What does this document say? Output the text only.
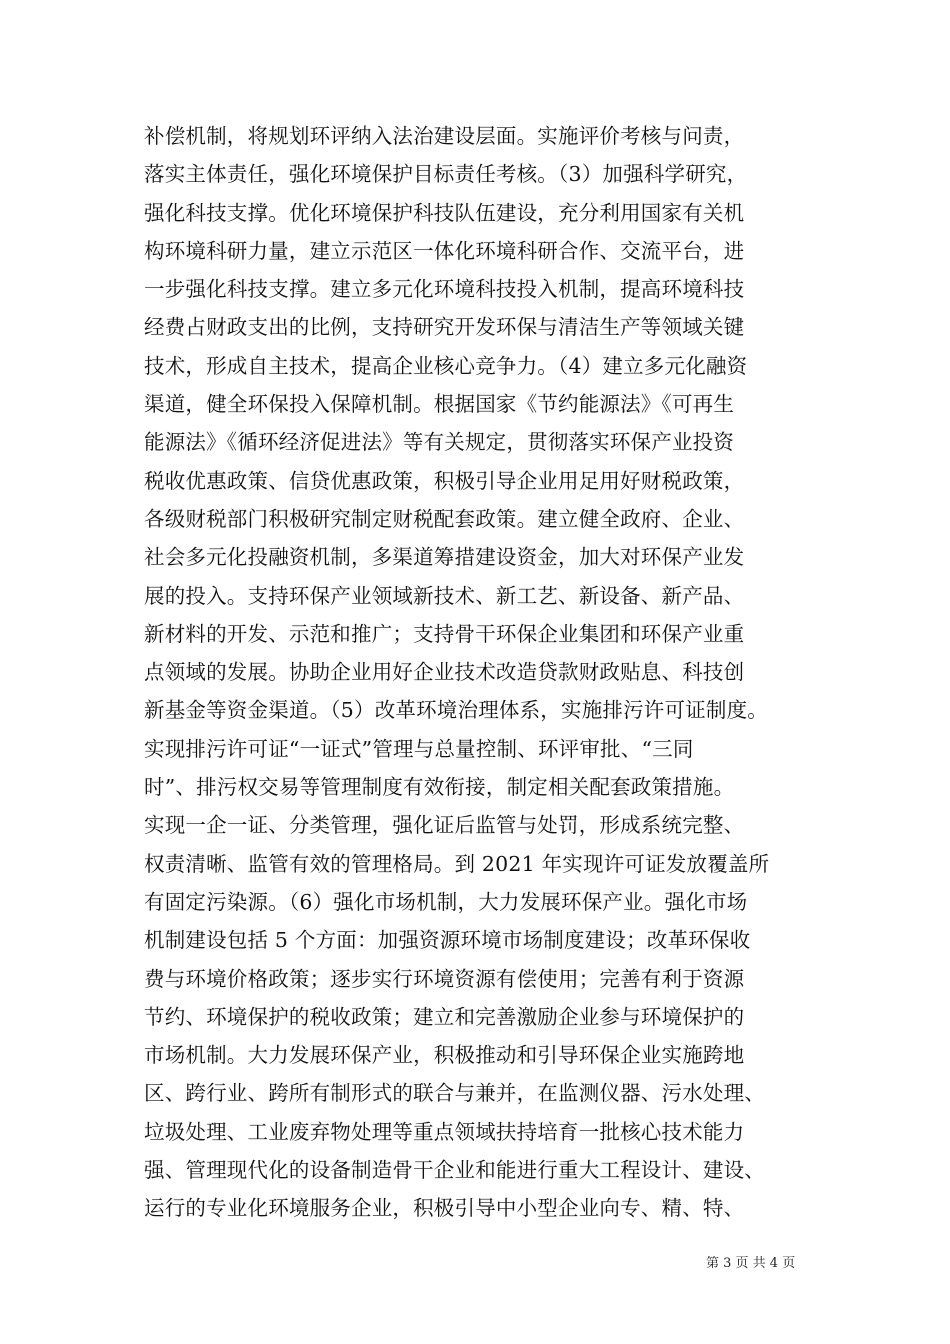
补偿机制，将规划环评纳入法治建设层面。实施评价考核与问责，
落实主体责任，强化环境保护目标责任考核。（3）加强科学研究，
强化科技支撑。优化环境保护科技队伍建设，充分利用国家有关机
构环境科研力量，建立示范区一体化环境科研合作、交流平台，进
一步强化科技支撑。建立多元化环境科技投入机制，提高环境科技
经费占财政支出的比例，支持研究开发环保与清洁生产等领域关键
技术，形成自主技术，提高企业核心竞争力。（4）建立多元化融资
渠道，健全环保投入保障机制。根据国家《节约能源法》《可再生
能源法》《循环经济促进法》等有关规定，贯彻落实环保产业投资
税收优惠政策、信贷优惠政策，积极引导企业用足用好财税政策，
各级财税部门积极研究制定财税配套政策。建立健全政府、企业、
社会多元化投融资机制，多渠道筹措建设资金，加大对环保产业发
展的投入。支持环保产业领域新技术、新工艺、新设备、新产品、
新材料的开发、示范和推广；支持骨干环保企业集团和环保产业重
点领域的发展。协助企业用好企业技术改造贷款财政贴息、科技创
新基金等资金渠道。（5）改革环境治理体系，实施排污许可证制度。
实现排污许可证“一证式”管理与总量控制、环评审批、“三同
时”、排污权交易等管理制度有效衔接，制定相关配套政策措施。
实现一企一证、分类管理，强化证后监管与处罚，形成系统完整、
权责清晰、监管有效的管理格局。到 2021 年实现许可证发放覆盖所
有固定污染源。（6）强化市场机制，大力发展环保产业。强化市场
机制建设包括 5 个方面：加强资源环境市场制度建设；改革环保收
费与环境价格政策；逐步实行环境资源有偿使用；完善有利于资源
节约、环境保护的税收政策；建立和完善激励企业参与环境保护的
市场机制。大力发展环保产业，积极推动和引导环保企业实施跨地
区、跨行业、跨所有制形式的联合与兼并，在监测仪器、污水处理、
垃圾处理、工业废弃物处理等重点领域扶持培育一批核心技术能力
强、管理现代化的设备制造骨干企业和能进行重大工程设计、建设、
运行的专业化环境服务企业，积极引导中小型企业向专、精、特、
第 3 页 共 4 页
